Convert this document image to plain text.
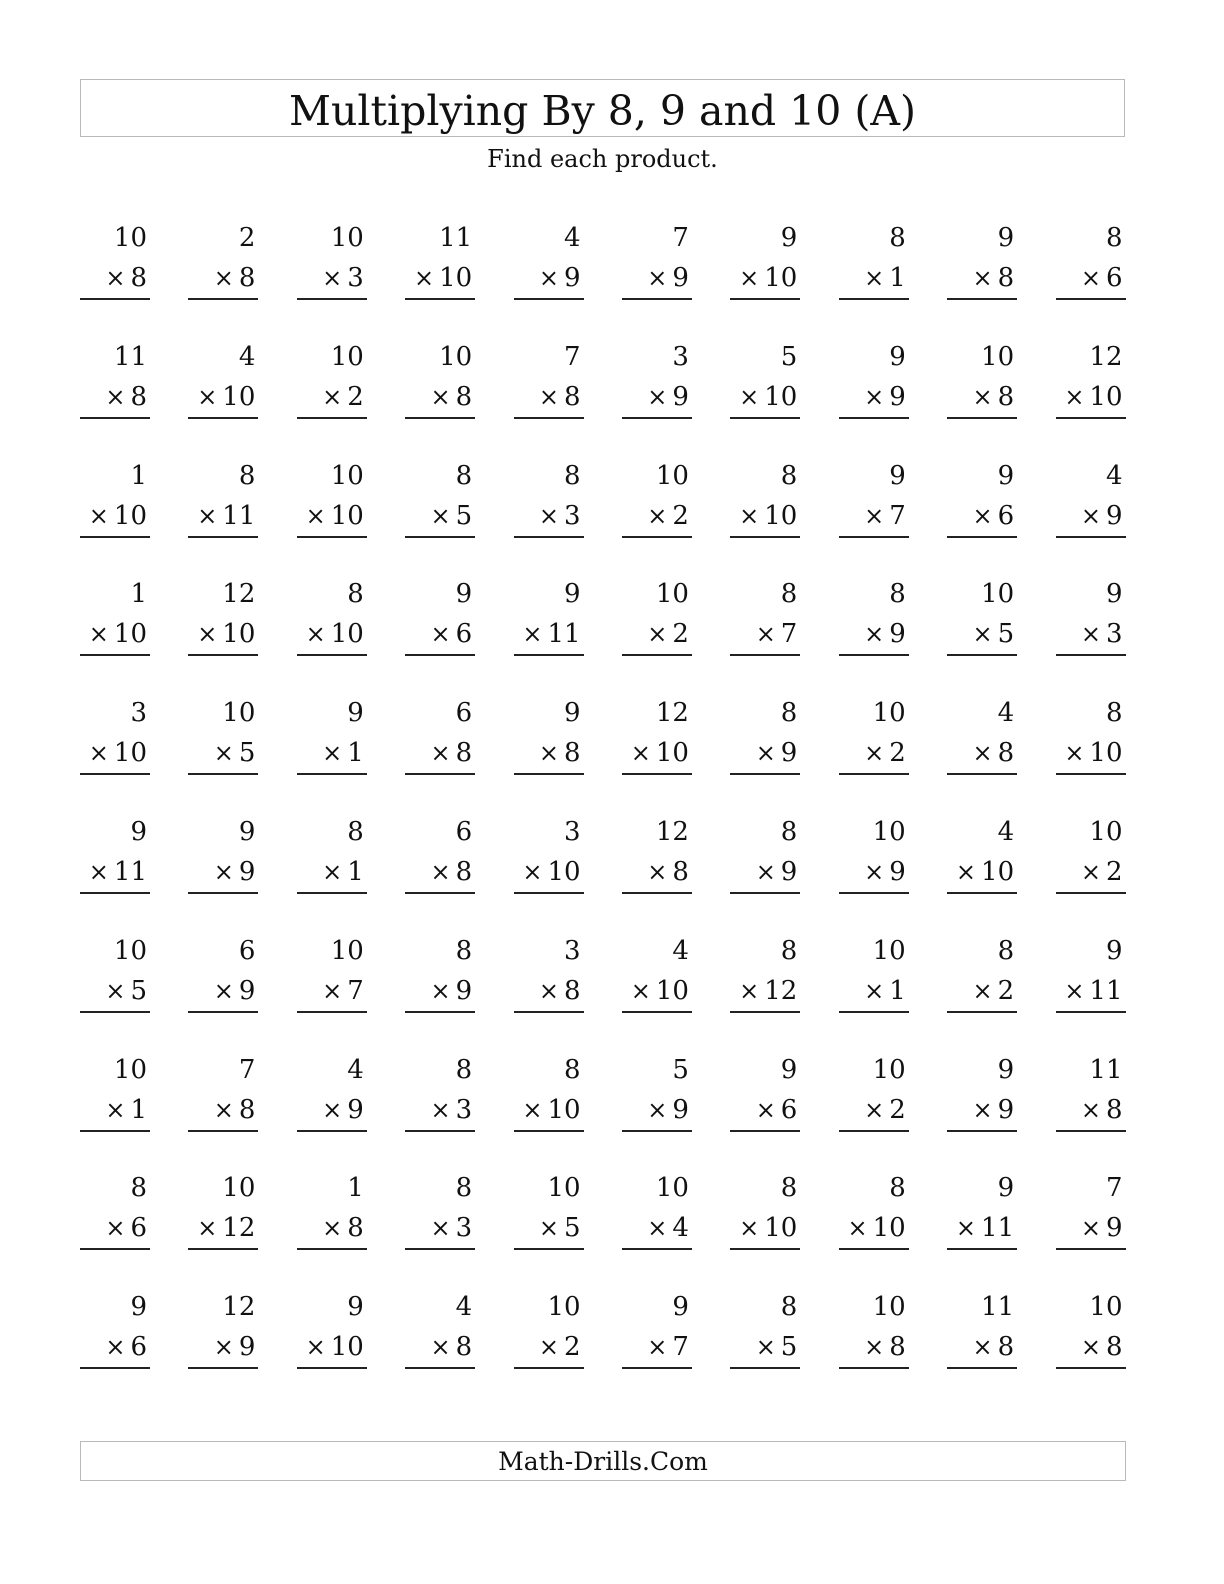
Multiplying By 8, 9 and 10 (A)
Find each product.
10
× 8
2
× 8
10
× 3
11
× 10
4
× 9
7
× 9
9
× 10
8
× 1
9
× 8
8
× 6
11
× 8
4
× 10
10
× 2
10
× 8
7
× 8
3
× 9
5
× 10
9
× 9
10
× 8
12
× 10
1
× 10
8
× 11
10
× 10
8
× 5
8
× 3
10
× 2
8
× 10
9
× 7
9
× 6
4
× 9
1
× 10
12
× 10
8
× 10
9
× 6
9
× 11
10
× 2
8
× 7
8
× 9
10
× 5
9
× 3
3
× 10
10
× 5
9
× 1
6
× 8
9
× 8
12
× 10
8
× 9
10
× 2
4
× 8
8
× 10
9
× 11
9
× 9
8
× 1
6
× 8
3
× 10
12
× 8
8
× 9
10
× 9
4
× 10
10
× 2
10
× 5
6
× 9
10
× 7
8
× 9
3
× 8
4
× 10
8
× 12
10
× 1
8
× 2
9
× 11
10
× 1
7
× 8
4
× 9
8
× 3
8
× 10
5
× 9
9
× 6
10
× 2
9
× 9
11
× 8
8
× 6
10
× 12
1
× 8
8
× 3
10
× 5
10
× 4
8
× 10
8
× 10
9
× 11
7
× 9
9
× 6
12
× 9
9
× 10
4
× 8
10
× 2
9
× 7
8
× 5
10
× 8
11
× 8
10
× 8
Math-Drills.Com
